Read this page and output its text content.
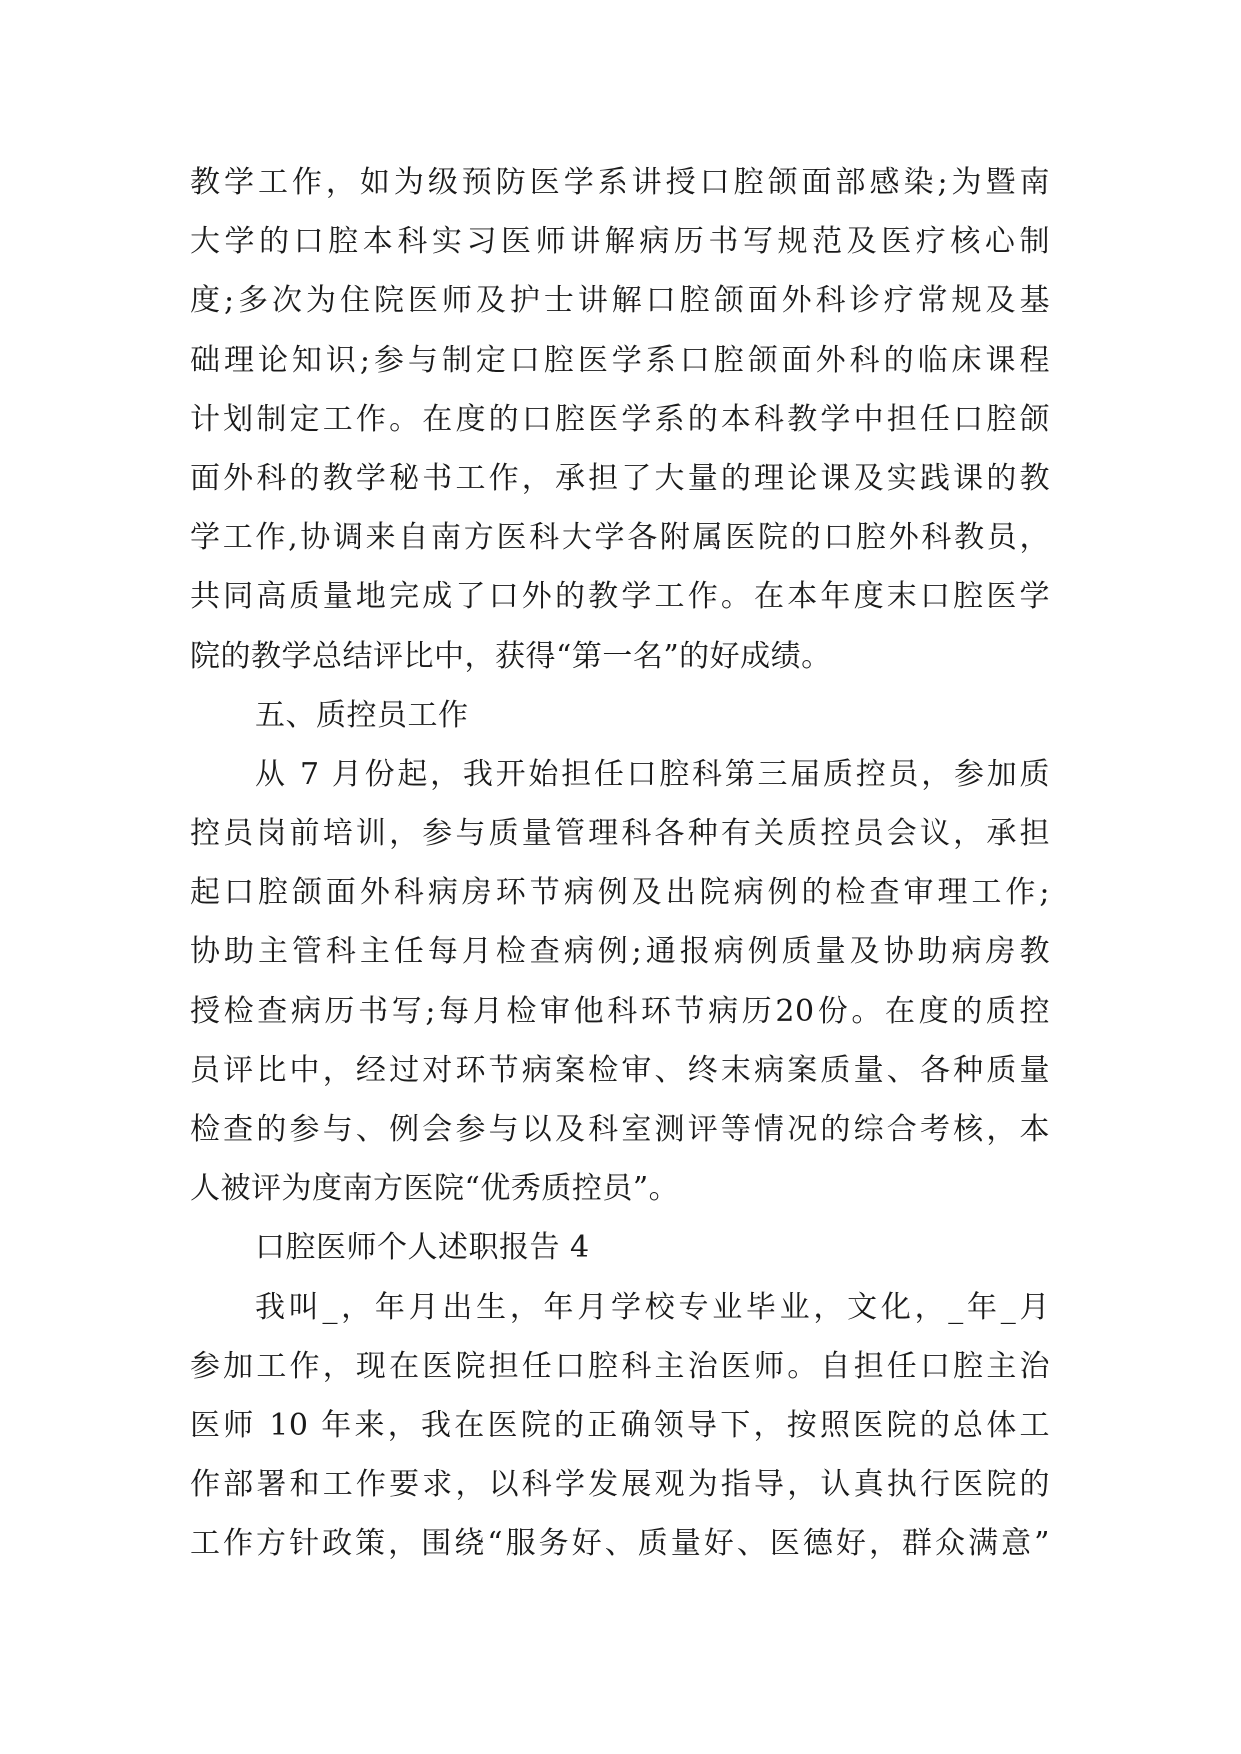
教学工作，如为级预防医学系讲授口腔颌面部感染;为暨南
大学的口腔本科实习医师讲解病历书写规范及医疗核心制
度;多次为住院医师及护士讲解口腔颌面外科诊疗常规及基
础理论知识;参与制定口腔医学系口腔颌面外科的临床课程
计划制定工作。在度的口腔医学系的本科教学中担任口腔颌
面外科的教学秘书工作，承担了大量的理论课及实践课的教
学工作,协调来自南方医科大学各附属医院的口腔外科教员，
共同高质量地完成了口外的教学工作。在本年度末口腔医学
院的教学总结评比中，获得“第一名”的好成绩。
五、质控员工作
从 7 月份起，我开始担任口腔科第三届质控员，参加质
控员岗前培训，参与质量管理科各种有关质控员会议，承担
起口腔颌面外科病房环节病例及出院病例的检查审理工作;
协助主管科主任每月检查病例;通报病例质量及协助病房教
授检查病历书写;每月检审他科环节病历20份。在度的质控
员评比中，经过对环节病案检审、终末病案质量、各种质量
检查的参与、例会参与以及科室测评等情况的综合考核，本
人被评为度南方医院“优秀质控员”。
口腔医师个人述职报告 4
我叫_，年月出生，年月学校专业毕业，文化，_年_月
参加工作，现在医院担任口腔科主治医师。自担任口腔主治
医师 10 年来，我在医院的正确领导下，按照医院的总体工
作部署和工作要求，以科学发展观为指导，认真执行医院的
工作方针政策，围绕“服务好、质量好、医德好，群众满意”
